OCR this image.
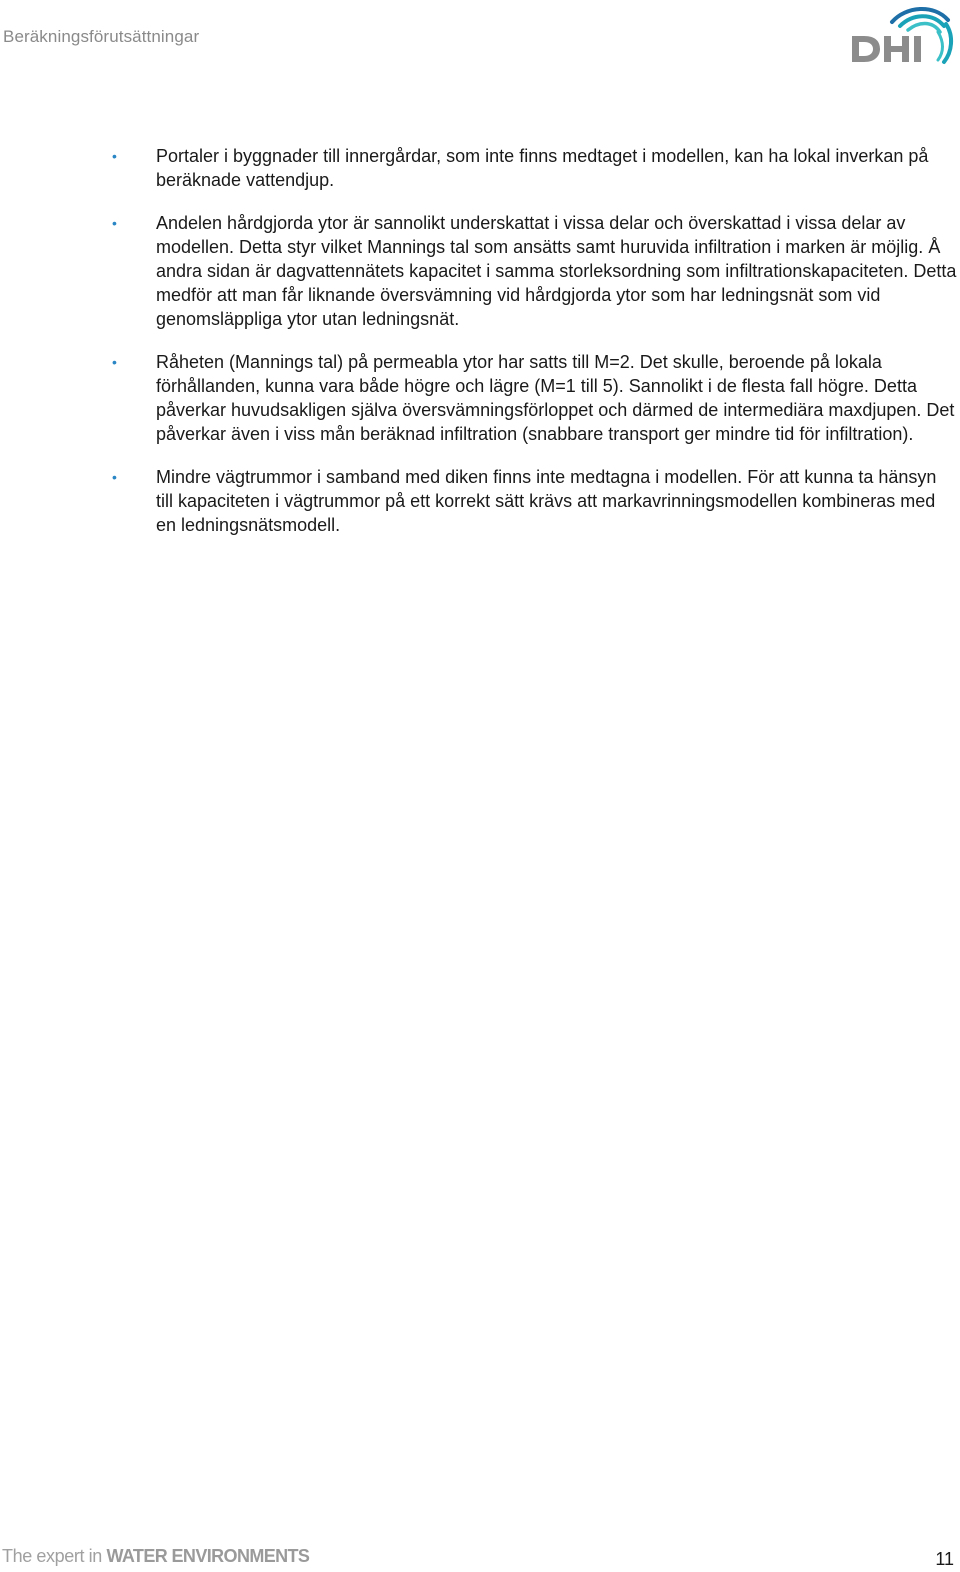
Beräkningsförutsättningar
• Portaler i byggnader till innergårdar, som inte finns medtaget i modellen, kan ha lokal inverkan på beräknade vattendjup.
• Andelen hårdgjorda ytor är sannolikt underskattat i vissa delar och överskattad i vissa delar av modellen. Detta styr vilket Mannings tal som ansätts samt huruvida infiltration i marken är möjlig. Å andra sidan är dagvattennätets kapacitet i samma storleksordning som infiltrationskapaciteten. Detta medför att man får liknande översvämning vid hårdgjorda ytor som har ledningsnät som vid genomsläppliga ytor utan ledningsnät.
• Råheten (Mannings tal) på permeabla ytor har satts till M=2. Det skulle, beroende på lokala förhållanden, kunna vara både högre och lägre (M=1 till 5). Sannolikt i de flesta fall högre. Detta påverkar huvudsakligen själva översvämningsförloppet och därmed de intermediära maxdjupen. Det påverkar även i viss mån beräknad infiltration (snabbare transport ger mindre tid för infiltration).
• Mindre vägtrummor i samband med diken finns inte medtagna i modellen. För att kunna ta hänsyn till kapaciteten i vägtrummor på ett korrekt sätt krävs att markavrinningsmodellen kombineras med en ledningsnätsmodell.
The expert in WATER ENVIRONMENTS	11
